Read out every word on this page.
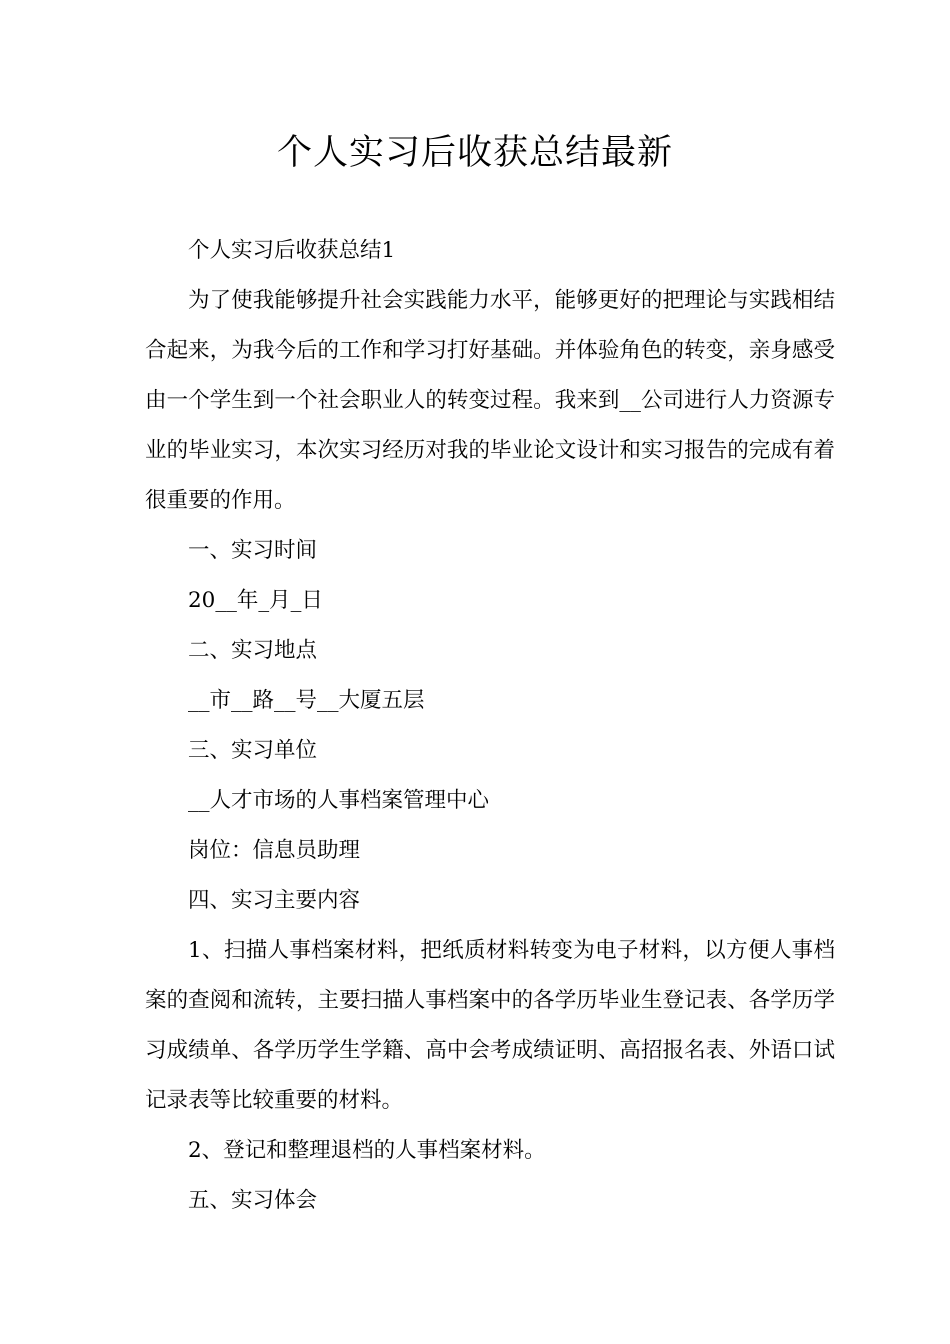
个人实习后收获总结最新

个人实习后收获总结1

为了使我能够提升社会实践能力水平，能够更好的把理论与实践相结合起来，为我今后的工作和学习打好基础。并体验角色的转变，亲身感受由一个学生到一个社会职业人的转变过程。我来到__公司进行人力资源专业的毕业实习，本次实习经历对我的毕业论文设计和实习报告的完成有着很重要的作用。

一、实习时间

20__年_月_日

二、实习地点

__市__路__号__大厦五层

三、实习单位

__人才市场的人事档案管理中心

岗位：信息员助理

四、实习主要内容

1、扫描人事档案材料，把纸质材料转变为电子材料，以方便人事档案的查阅和流转，主要扫描人事档案中的各学历毕业生登记表、各学历学习成绩单、各学历学生学籍、高中会考成绩证明、高招报名表、外语口试记录表等比较重要的材料。

2、登记和整理退档的人事档案材料。

五、实习体会
